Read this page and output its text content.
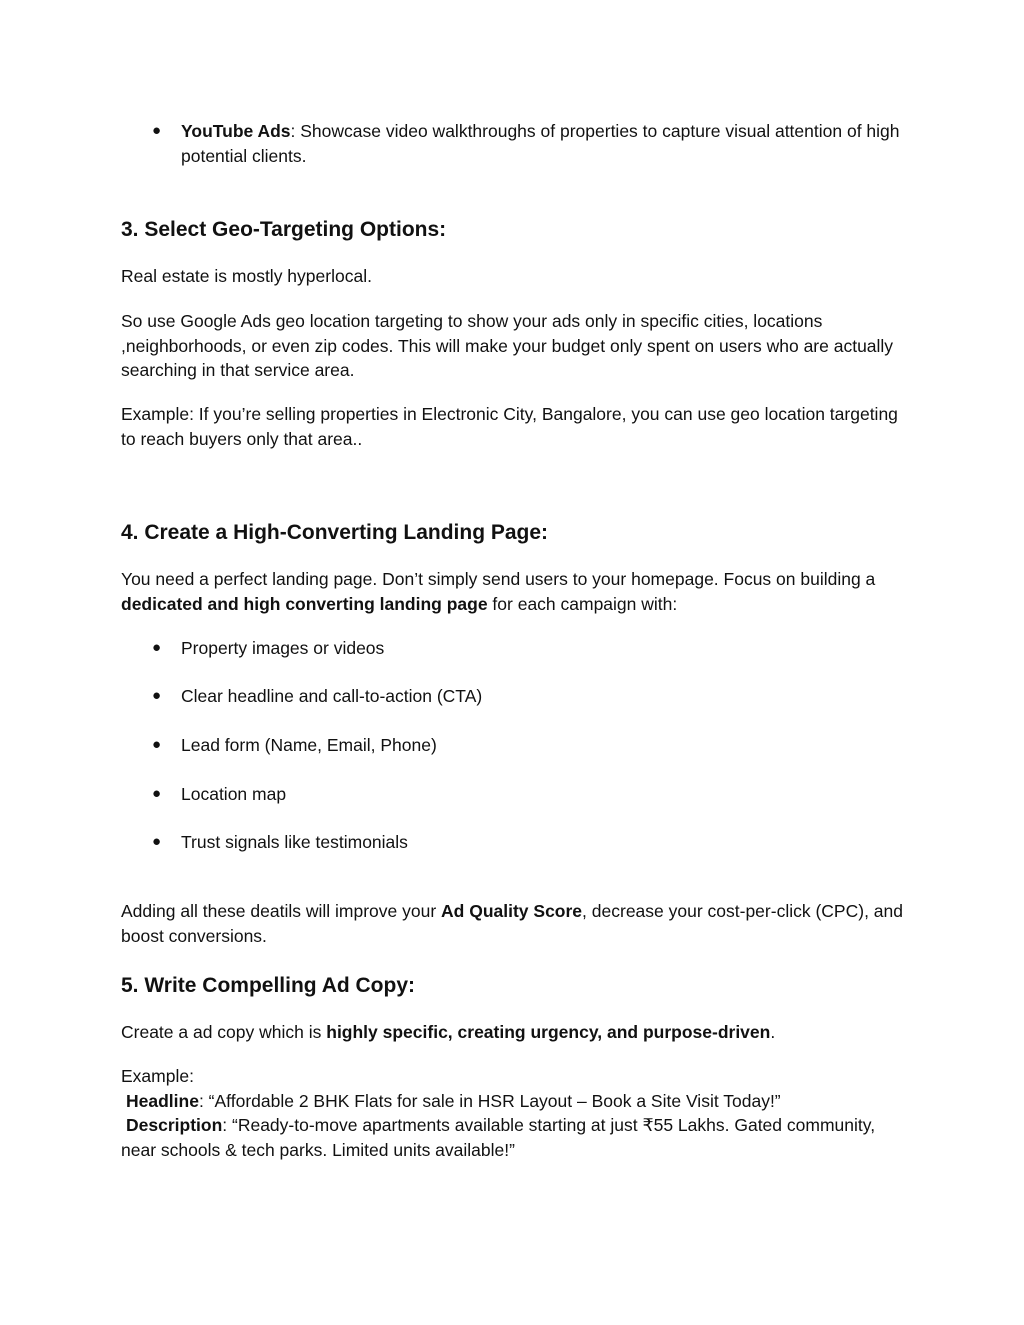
● YouTube Ads: Showcase video walkthroughs of properties to capture visual attention of high potential clients.

3. Select Geo-Targeting Options:

Real estate is mostly hyperlocal.

So use Google Ads geo location targeting to show your ads only in specific cities, locations ,neighborhoods, or even zip codes. This will make your budget only spent on users who are actually searching in that service area.

Example: If you’re selling properties in Electronic City, Bangalore, you can use geo location targeting to reach buyers only that area..

4. Create a High-Converting Landing Page:

You need a perfect landing page. Don’t simply send users to your homepage. Focus on building a dedicated and high converting landing page for each campaign with:

● Property images or videos

● Clear headline and call-to-action (CTA)

● Lead form (Name, Email, Phone)

● Location map

● Trust signals like testimonials

Adding all these deatils will improve your Ad Quality Score, decrease your cost-per-click (CPC), and boost conversions.

5. Write Compelling Ad Copy:

Create a ad copy which is highly specific, creating urgency, and purpose-driven.

Example:

Headline: “Affordable 2 BHK Flats for sale in HSR Layout – Book a Site Visit Today!”

Description: “Ready-to-move apartments available starting at just ₹55 Lakhs. Gated community, near schools & tech parks. Limited units available!”
